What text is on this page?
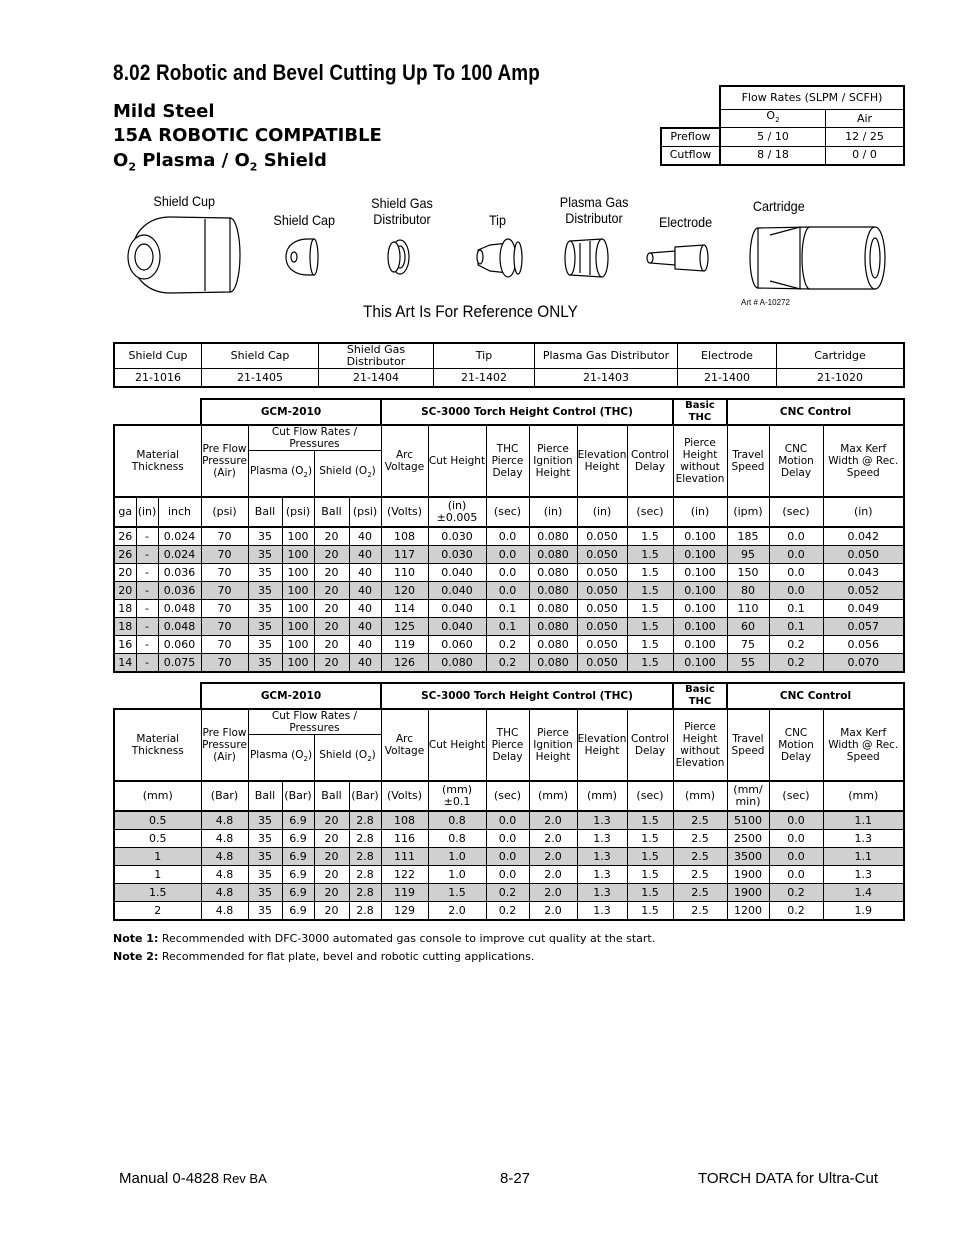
8.02 Robotic and Bevel Cutting Up To 100 Amp
Mild Steel
15A ROBOTIC COMPATIBLE
$O_2$ Plasma / $O_2$ Shield
	Flow Rates (SLPM / SCFH)	
	$O_2$	Air
Preflow	5 / 10	12 / 25
Cutflow	8 / 18	0 / 0
Shield Cup
Shield Cap
Shield Gas
Distributor	Tip
Plasma Gas
Distributor	Electrode
Cartridge
This Art Is For Reference ONLY	Art # A-10272
Shield Cup	Shield Cap	Shield Gas Distributor	Tip	Plasma Gas Distributor	Electrode	Cartridge
21-1016	21-1405	21-1404	21-1402	21-1403	21-1400	21-1020
			GCM-2010					SC-3000 Torch Height Control (THC)						Basic THC	CNC Control		
Material Thickness			Pre Flow Pressure (Air)	Cut Flow Rates / Pressures				Arc Voltage	Cut Height	THC Pierce Delay	Pierce Ignition Height	Elevation Height	Control Delay	Pierce Height without Elevation	Travel Speed	CNC Motion Delay	Max Kerf Width @ Rec. Speed
				Plasma $(O_2)$		Shield $(O_2)$											
ga	(in)	inch	(psi)	Ball	(psi)	Ball	(psi)	(Volts)	(in) ±0.005	(sec)	(in)	(in)	(sec)	(in)	(ipm)	(sec)	(in)
26	-	0.024	70	35	100	20	40	108	0.030	0.0	0.080	0.050	1.5	0.100	185	0.0	0.042
26	-	0.024	70	35	100	20	40	117	0.030	0.0	0.080	0.050	1.5	0.100	95	0.0	0.050
20	-	0.036	70	35	100	20	40	110	0.040	0.0	0.080	0.050	1.5	0.100	150	0.0	0.043
20	-	0.036	70	35	100	20	40	120	0.040	0.0	0.080	0.050	1.5	0.100	80	0.0	0.052
18	-	0.048	70	35	100	20	40	114	0.040	0.1	0.080	0.050	1.5	0.100	110	0.1	0.049
18	-	0.048	70	35	100	20	40	125	0.040	0.1	0.080	0.050	1.5	0.100	60	0.1	0.057
16	-	0.060	70	35	100	20	40	119	0.060	0.2	0.080	0.050	1.5	0.100	75	0.2	0.056
14	-	0.075	70	35	100	20	40	126	0.080	0.2	0.080	0.050	1.5	0.100	55	0.2	0.070
	GCM-2010					SC-3000 Torch Height Control (THC)						Basic THC	CNC Control		
Material Thickness	Pre Flow Pressure (Air)	Cut Flow Rates / Pressures				Arc Voltage	Cut Height	THC Pierce Delay	Pierce Ignition Height	Elevation Height	Control Delay	Pierce Height without Elevation	Travel Speed	CNC Motion Delay	Max Kerf Width @ Rec. Speed
		Plasma $(O_2)$		Shield $(O_2)$											
(mm)	(Bar)	Ball	(Bar)	Ball	(Bar)	(Volts)	(mm) ±0.1	(sec)	(mm)	(mm)	(sec)	(mm)	(mm/ min)	(sec)	(mm)
0.5	4.8	35	6.9	20	2.8	108	0.8	0.0	2.0	1.3	1.5	2.5	5100	0.0	1.1
0.5	4.8	35	6.9	20	2.8	116	0.8	0.0	2.0	1.3	1.5	2.5	2500	0.0	1.3
1	4.8	35	6.9	20	2.8	111	1.0	0.0	2.0	1.3	1.5	2.5	3500	0.0	1.1
1	4.8	35	6.9	20	2.8	122	1.0	0.0	2.0	1.3	1.5	2.5	1900	0.0	1.3
1.5	4.8	35	6.9	20	2.8	119	1.5	0.2	2.0	1.3	1.5	2.5	1900	0.2	1.4
2	4.8	35	6.9	20	2.8	129	2.0	0.2	2.0	1.3	1.5	2.5	1200	0.2	1.9
Note 1: Recommended with DFC-3000 automated gas console to improve cut quality at the start.
Note 2: Recommended for flat plate, bevel and robotic cutting applications.
Manual 0-4828 Rev BA	8-27	TORCH DATA for Ultra-Cut
